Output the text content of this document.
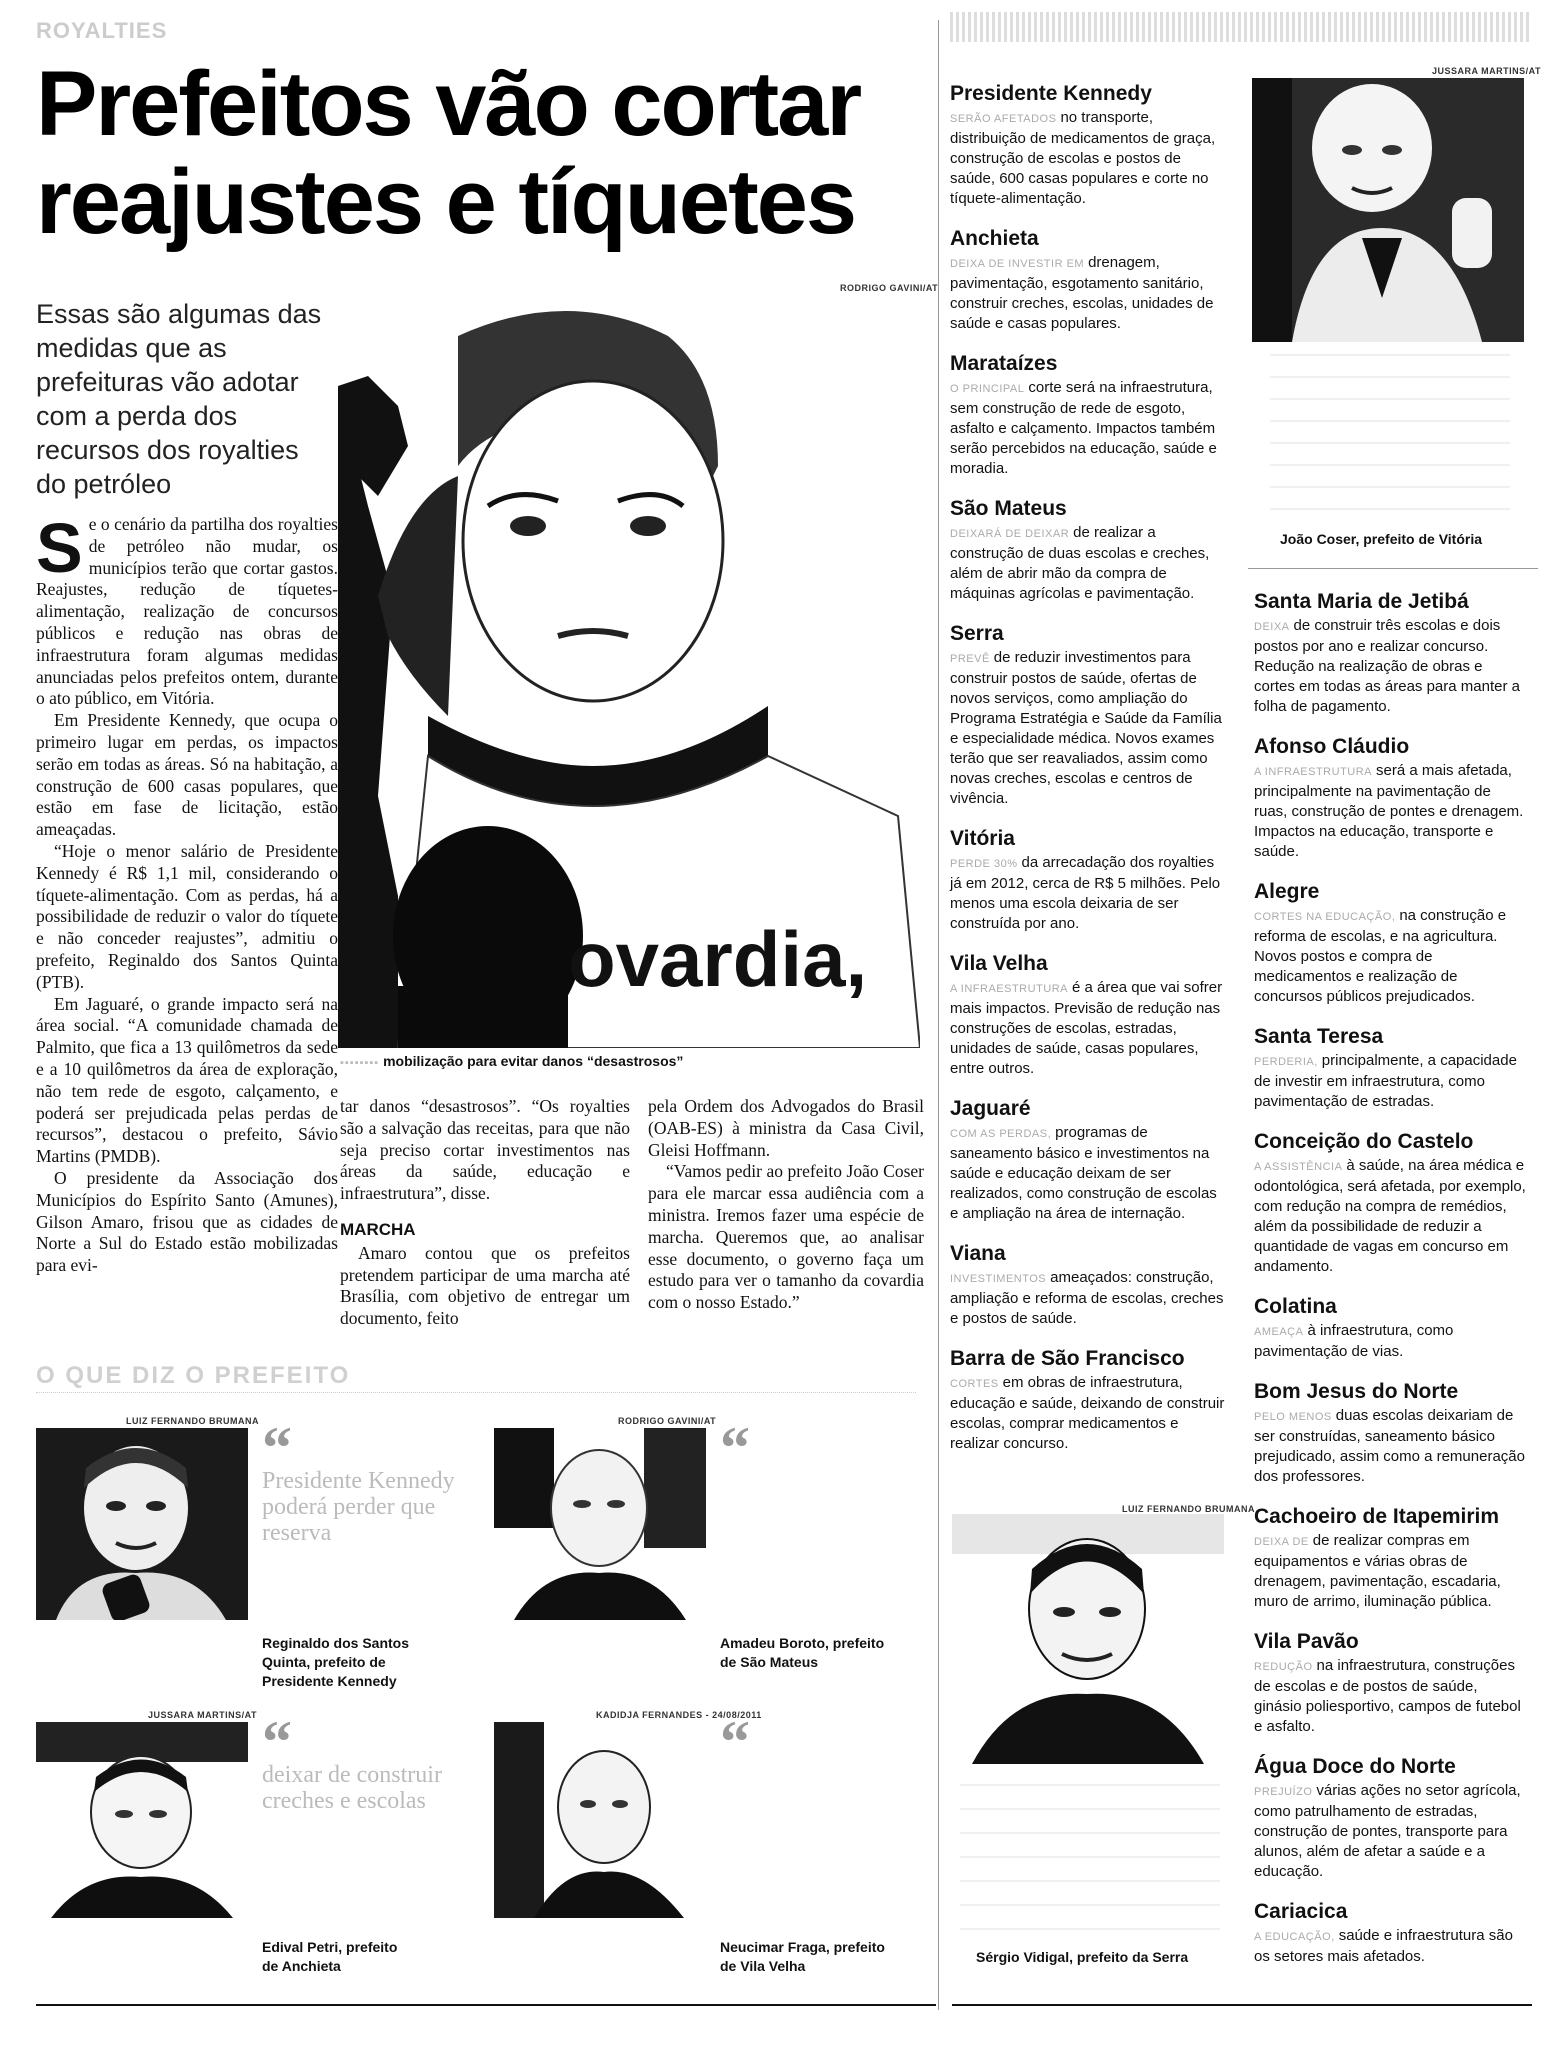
ROYALTIES
Prefeitos vão cortar reajustes e tíquetes
Essas são algumas das medidas que as prefeituras vão adotar com a perda dos recursos dos royalties do petróleo
RODRIGO GAVINI/AT
ovardia,
▪▪▪▪▪▪▪▪ mobilização para evitar danos “desastrosos”

Se o cenário da partilha dos royalties de petróleo não mudar, os municípios terão que cortar gastos. Reajustes, redução de tíquetes-alimentação, realização de concursos públicos e redução nas obras de infraestrutura foram algumas medidas anunciadas pelos prefeitos ontem, durante o ato público, em Vitória.

Em Presidente Kennedy, que ocupa o primeiro lugar em perdas, os impactos serão em todas as áreas. Só na habitação, a construção de 600 casas populares, que estão em fase de licitação, estão ameaçadas.

“Hoje o menor salário de Presidente Kennedy é R$ 1,1 mil, considerando o tíquete-alimentação. Com as perdas, há a possibilidade de reduzir o valor do tíquete e não conceder reajustes”, admitiu o prefeito, Reginaldo dos Santos Quinta (PTB).

Em Jaguaré, o grande impacto será na área social. “A comunidade chamada de Palmito, que fica a 13 quilômetros da sede e a 10 quilômetros da área de exploração, não tem rede de esgoto, calçamento, e poderá ser prejudicada pelas perdas de recursos”, destacou o prefeito, Sávio Martins (PMDB).

O presidente da Associação dos Municípios do Espírito Santo (Amunes), Gilson Amaro, frisou que as cidades de Norte a Sul do Estado estão mobilizadas para evi-

tar danos “desastrosos”. “Os royalties são a salvação das receitas, para que não seja preciso cortar investimentos nas áreas da saúde, educação e infraestrutura”, disse.

MARCHA

Amaro contou que os prefeitos pretendem participar de uma marcha até Brasília, com objetivo de entregar um documento, feito

pela Ordem dos Advogados do Brasil (OAB-ES) à ministra da Casa Civil, Gleisi Hoffmann.

“Vamos pedir ao prefeito João Coser para ele marcar essa audiência com a ministra. Iremos fazer uma espécie de marcha. Queremos que, ao analisar esse documento, o governo faça um estudo para ver o tamanho da covardia com o nosso Estado.”

O QUE DIZ O PREFEITO
LUIZ FERNANDO BRUMANA
Reginaldo dos Santos
Quinta, prefeito de
Presidente Kennedy
“
Presidente Kennedy poderá perder que reserva
RODRIGO GAVINI/AT
Amadeu Boroto, prefeito
de São Mateus
“
JUSSARA MARTINS/AT
Edival Petri, prefeito
de Anchieta
“
deixar de construir creches e escolas
KADIDJA FERNANDES - 24/08/2011
Neucimar Fraga, prefeito
de Vila Velha
“
Presidente Kennedy
SERÃO AFETADOS no transporte, distribuição de medicamentos de graça, construção de escolas e postos de saúde, 600 casas populares e corte no tíquete-alimentação.
Anchieta
DEIXA DE INVESTIR EM drenagem, pavimentação, esgotamento sanitário, construir creches, escolas, unidades de saúde e casas populares.
Marataízes
O PRINCIPAL corte será na infraestrutura, sem construção de rede de esgoto, asfalto e calçamento. Impactos também serão percebidos na educação, saúde e moradia.
São Mateus
DEIXARÁ DE DEIXAR de realizar a construção de duas escolas e creches, além de abrir mão da compra de máquinas agrícolas e pavimentação.
Serra
PREVÊ de reduzir investimentos para construir postos de saúde, ofertas de novos serviços, como ampliação do Programa Estratégia e Saúde da Família e especialidade médica. Novos exames terão que ser reavaliados, assim como novas creches, escolas e centros de vivência.
Vitória
PERDE 30% da arrecadação dos royalties já em 2012, cerca de R$ 5 milhões. Pelo menos uma escola deixaria de ser construída por ano.
Vila Velha
A INFRAESTRUTURA é a área que vai sofrer mais impactos. Previsão de redução nas construções de escolas, estradas, unidades de saúde, casas populares, entre outros.
Jaguaré
COM AS PERDAS, programas de saneamento básico e investimentos na saúde e educação deixam de ser realizados, como construção de escolas e ampliação na área de internação.
Viana
INVESTIMENTOS ameaçados: construção, ampliação e reforma de escolas, creches e postos de saúde.
Barra de São Francisco
CORTES em obras de infraestrutura, educação e saúde, deixando de construir escolas, comprar medicamentos e realizar concurso.
JUSSARA MARTINS/AT
João Coser, prefeito de Vitória
Santa Maria de Jetibá
DEIXA de construir três escolas e dois postos por ano e realizar concurso. Redução na realização de obras e cortes em todas as áreas para manter a folha de pagamento.
Afonso Cláudio
A INFRAESTRUTURA será a mais afetada, principalmente na pavimentação de ruas, construção de pontes e drenagem. Impactos na educação, transporte e saúde.
Alegre
CORTES NA EDUCAÇÃO, na construção e reforma de escolas, e na agricultura. Novos postos e compra de medicamentos e realização de concursos públicos prejudicados.
Santa Teresa
PERDERIA, principalmente, a capacidade de investir em infraestrutura, como pavimentação de estradas.
Conceição do Castelo
A ASSISTÊNCIA à saúde, na área médica e odontológica, será afetada, por exemplo, com redução na compra de remédios, além da possibilidade de reduzir a quantidade de vagas em concurso em andamento.
Colatina
AMEAÇA à infraestrutura, como pavimentação de vias.
Bom Jesus do Norte
PELO MENOS duas escolas deixariam de ser construídas, saneamento básico prejudicado, assim como a remuneração dos professores.
Cachoeiro de Itapemirim
DEIXA DE de realizar compras em equipamentos e várias obras de drenagem, pavimentação, escadaria, muro de arrimo, iluminação pública.
Vila Pavão
REDUÇÃO na infraestrutura, construções de escolas e de postos de saúde, ginásio poliesportivo, campos de futebol e asfalto.
Água Doce do Norte
PREJUÍZO várias ações no setor agrícola, como patrulhamento de estradas, construção de pontes, transporte para alunos, além de afetar a saúde e a educação.
Cariacica
A EDUCAÇÃO, saúde e infraestrutura são os setores mais afetados.
LUIZ FERNANDO BRUMANA
Sérgio Vidigal, prefeito da Serra
